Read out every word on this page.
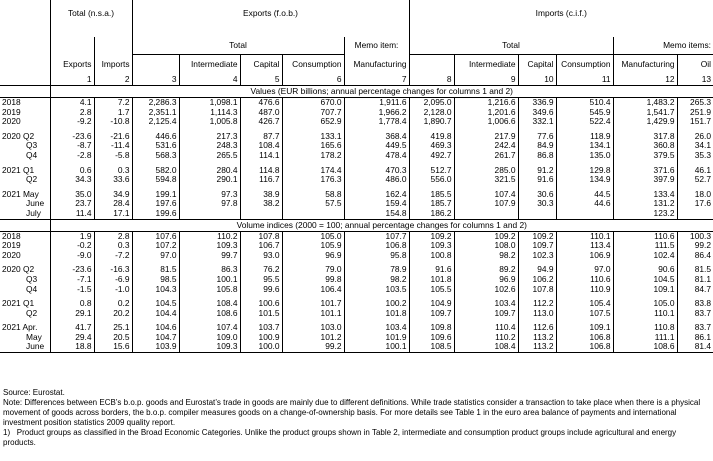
	Total (n.s.a.)		Exports (f.o.b.)					Imports (c.i.f.)					
			Total				Memo item:	Total				Memo items:	
	Exports	Imports		Intermediate	Capital	Consumption	Manufacturing		Intermediate	Capital	Consumption	Manufacturing	Oil
	1	2	3	4	5	6	7	8	9	10	11	12	13
	Values (EUR billions; annual percentage changes for columns 1 and 2)												
2018	4.1	7.2	2,286.3	1,098.1	476.6	670.0	1,911.6	2,095.0	1,216.6	336.9	510.4	1,483.2	265.3
2019	2.8	1.7	2,351.1	1,114.3	487.0	707.7	1,966.2	2,128.0	1,201.6	349.6	545.9	1,541.7	251.9
2020	-9.2	-10.8	2,125.4	1,005.8	426.7	652.9	1,778.4	1,890.7	1,006.6	332.1	522.4	1,429.9	151.7

2020 Q2	-23.6	-21.6	446.6	217.3	87.7	133.1	368.4	419.8	217.9	77.6	118.9	317.8	26.0
Q3	-8.7	-11.4	531.6	248.3	108.4	165.6	449.5	469.3	242.4	84.9	134.1	360.8	34.1
Q4	-2.8	-5.8	568.3	265.5	114.1	178.2	478.4	492.7	261.7	86.8	135.0	379.5	35.3

2021 Q1	0.6	0.3	582.0	280.4	114.8	174.4	470.3	512.7	285.0	91.2	129.8	371.6	46.1
Q2	34.3	33.6	594.8	290.1	116.7	176.3	486.0	556.0	321.5	91.6	134.9	397.9	52.7

2021 May	35.0	34.9	199.1	97.3	38.9	58.8	162.4	185.5	107.4	30.6	44.5	133.4	18.0
June	23.7	28.4	197.6	97.8	38.2	57.5	159.4	185.7	107.9	30.3	44.6	131.2	17.6
July	11.4	17.1	199.6				154.8	186.2				123.2	
	Volume indices (2000 = 100; annual percentage changes for columns 1 and 2)												
2018	1.9	2.8	107.6	110.2	107.8	105.0	107.7	109.2	109.2	109.2	110.1	110.6	100.3
2019	-0.2	0.3	107.2	109.3	106.7	105.9	106.8	109.3	108.0	109.7	113.4	111.5	99.2
2020	-9.0	-7.2	97.0	99.7	93.0	96.9	95.8	100.8	98.2	102.3	106.9	102.4	86.4

2020 Q2	-23.6	-16.3	81.5	86.3	76.2	79.0	78.9	91.6	89.2	94.9	97.0	90.6	81.5
Q3	-7.1	-6.9	98.5	100.1	95.5	99.8	98.2	101.8	96.9	106.2	110.6	104.5	81.1
Q4	-1.5	-1.0	104.3	105.8	99.6	106.4	103.5	105.5	102.6	107.8	110.9	109.1	84.7

2021 Q1	0.8	0.2	104.5	108.4	100.6	101.7	100.2	104.9	103.4	112.2	105.4	105.0	83.8
Q2	29.1	20.2	104.4	108.6	101.5	101.1	101.8	109.7	109.7	113.0	107.5	110.1	83.7

2021 Apr.	41.7	25.1	104.6	107.4	103.7	103.0	103.4	109.8	110.4	112.6	109.1	110.8	83.7
May	29.4	20.5	104.7	109.0	100.9	101.2	101.9	109.6	110.2	113.2	106.8	111.1	86.1
June	18.8	15.6	103.9	109.3	100.0	99.2	100.1	108.5	108.4	113.2	106.8	108.6	81.4

Source: Eurostat.

Note: Differences between ECB’s b.o.p. goods and Eurostat’s trade in goods are mainly due to different definitions. While trade statistics consider a transaction to take place when there is a physical movement of goods across borders, the b.o.p. compiler measures goods on a change-of-ownership basis. For more details see Table 1 in the euro area balance of payments and international investment position statistics 2009 quality report.

1)   Product groups as classified in the Broad Economic Categories. Unlike the product groups shown in Table 2, intermediate and consumption product groups include agricultural and energy products.
